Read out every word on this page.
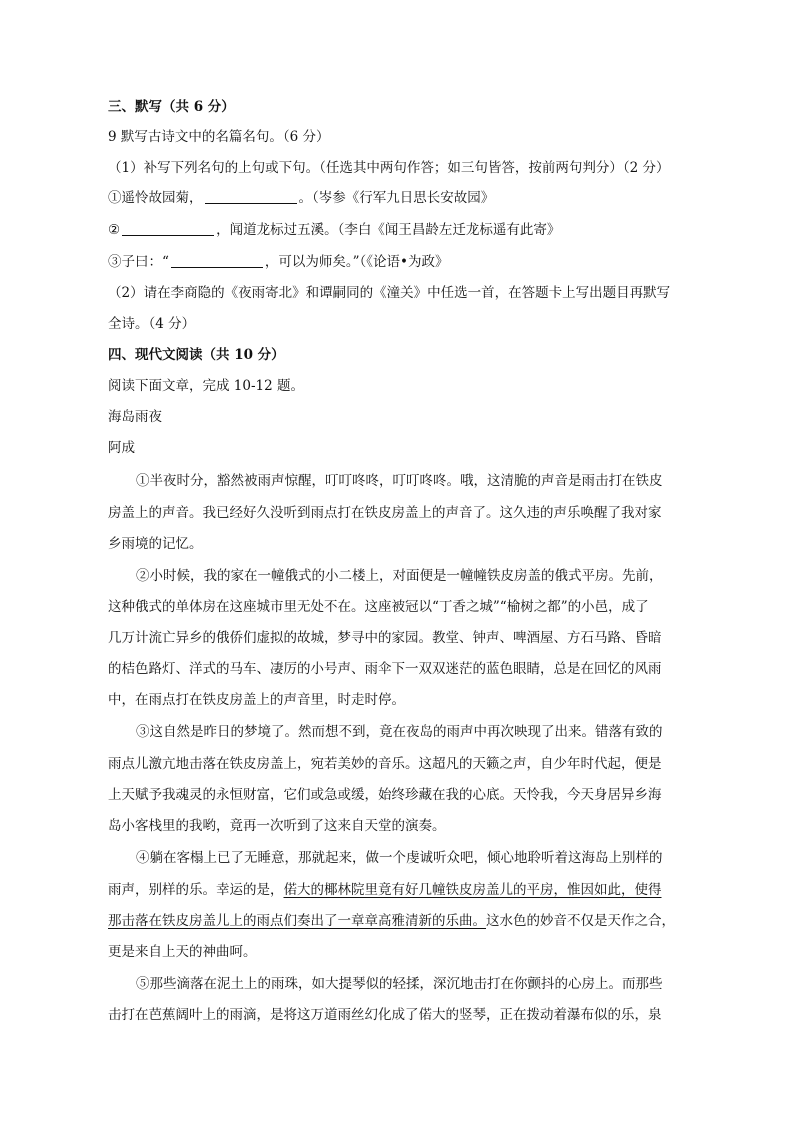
三、默写（共 6 分）
9 默写古诗文中的名篇名句。（6 分）
（1）补写下列名句的上句或下句。（任选其中两句作答；如三句皆答，按前两句判分）（2 分）
①遥怜故园菊，	。（岑参《行军九日思长安故园》
②	，闻道龙标过五溪。（李白《闻王昌龄左迁龙标遥有此寄》
③子曰：“	，可以为师矣。”（《论语•为政》
（2）请在李商隐的《夜雨寄北》和谭嗣同的《潼关》中任选一首，在答题卡上写出题目再默写
全诗。（4 分）
四、现代文阅读（共 10 分）
阅读下面文章，完成 10-12 题。
海岛雨夜
阿成
①半夜时分，豁然被雨声惊醒，叮叮咚咚，叮叮咚咚。哦，这清脆的声音是雨击打在铁皮
房盖上的声音。我已经好久没听到雨点打在铁皮房盖上的声音了。这久违的声乐唤醒了我对家
乡雨境的记忆。
②小时候，我的家在一幢俄式的小二楼上，对面便是一幢幢铁皮房盖的俄式平房。先前，
这种俄式的单体房在这座城市里无处不在。这座被冠以“丁香之城”“榆树之都”的小邑，成了
几万计流亡异乡的俄侨们虚拟的故城，梦寻中的家园。教堂、钟声、啤酒屋、方石马路、昏暗
的桔色路灯、洋式的马车、凄厉的小号声、雨伞下一双双迷茫的蓝色眼睛，总是在回忆的风雨
中，在雨点打在铁皮房盖上的声音里，时走时停。
③这自然是昨日的梦境了。然而想不到，竟在夜岛的雨声中再次映现了出来。错落有致的
雨点儿激亢地击落在铁皮房盖上，宛若美妙的音乐。这超凡的天籁之声，自少年时代起，便是
上天赋予我魂灵的永恒财富，它们或急或缓，始终珍藏在我的心底。天怜我，今天身居异乡海
岛小客栈里的我哟，竟再一次听到了这来自天堂的演奏。
④躺在客榻上已了无睡意，那就起来，做一个虔诚听众吧，倾心地聆听着这海岛上别样的
雨声，别样的乐。幸运的是，偌大的椰林院里竟有好几幢铁皮房盖儿的平房，惟因如此，使得
那击落在铁皮房盖儿上的雨点们奏出了一章章高雅清新的乐曲。这水色的妙音不仅是天作之合，
更是来自上天的神曲呵。
⑤那些滴落在泥土上的雨珠，如大提琴似的轻揉，深沉地击打在你颤抖的心房上。而那些
击打在芭蕉阔叶上的雨滴，是将这万道雨丝幻化成了偌大的竖琴，正在拨动着瀑布似的乐，泉
